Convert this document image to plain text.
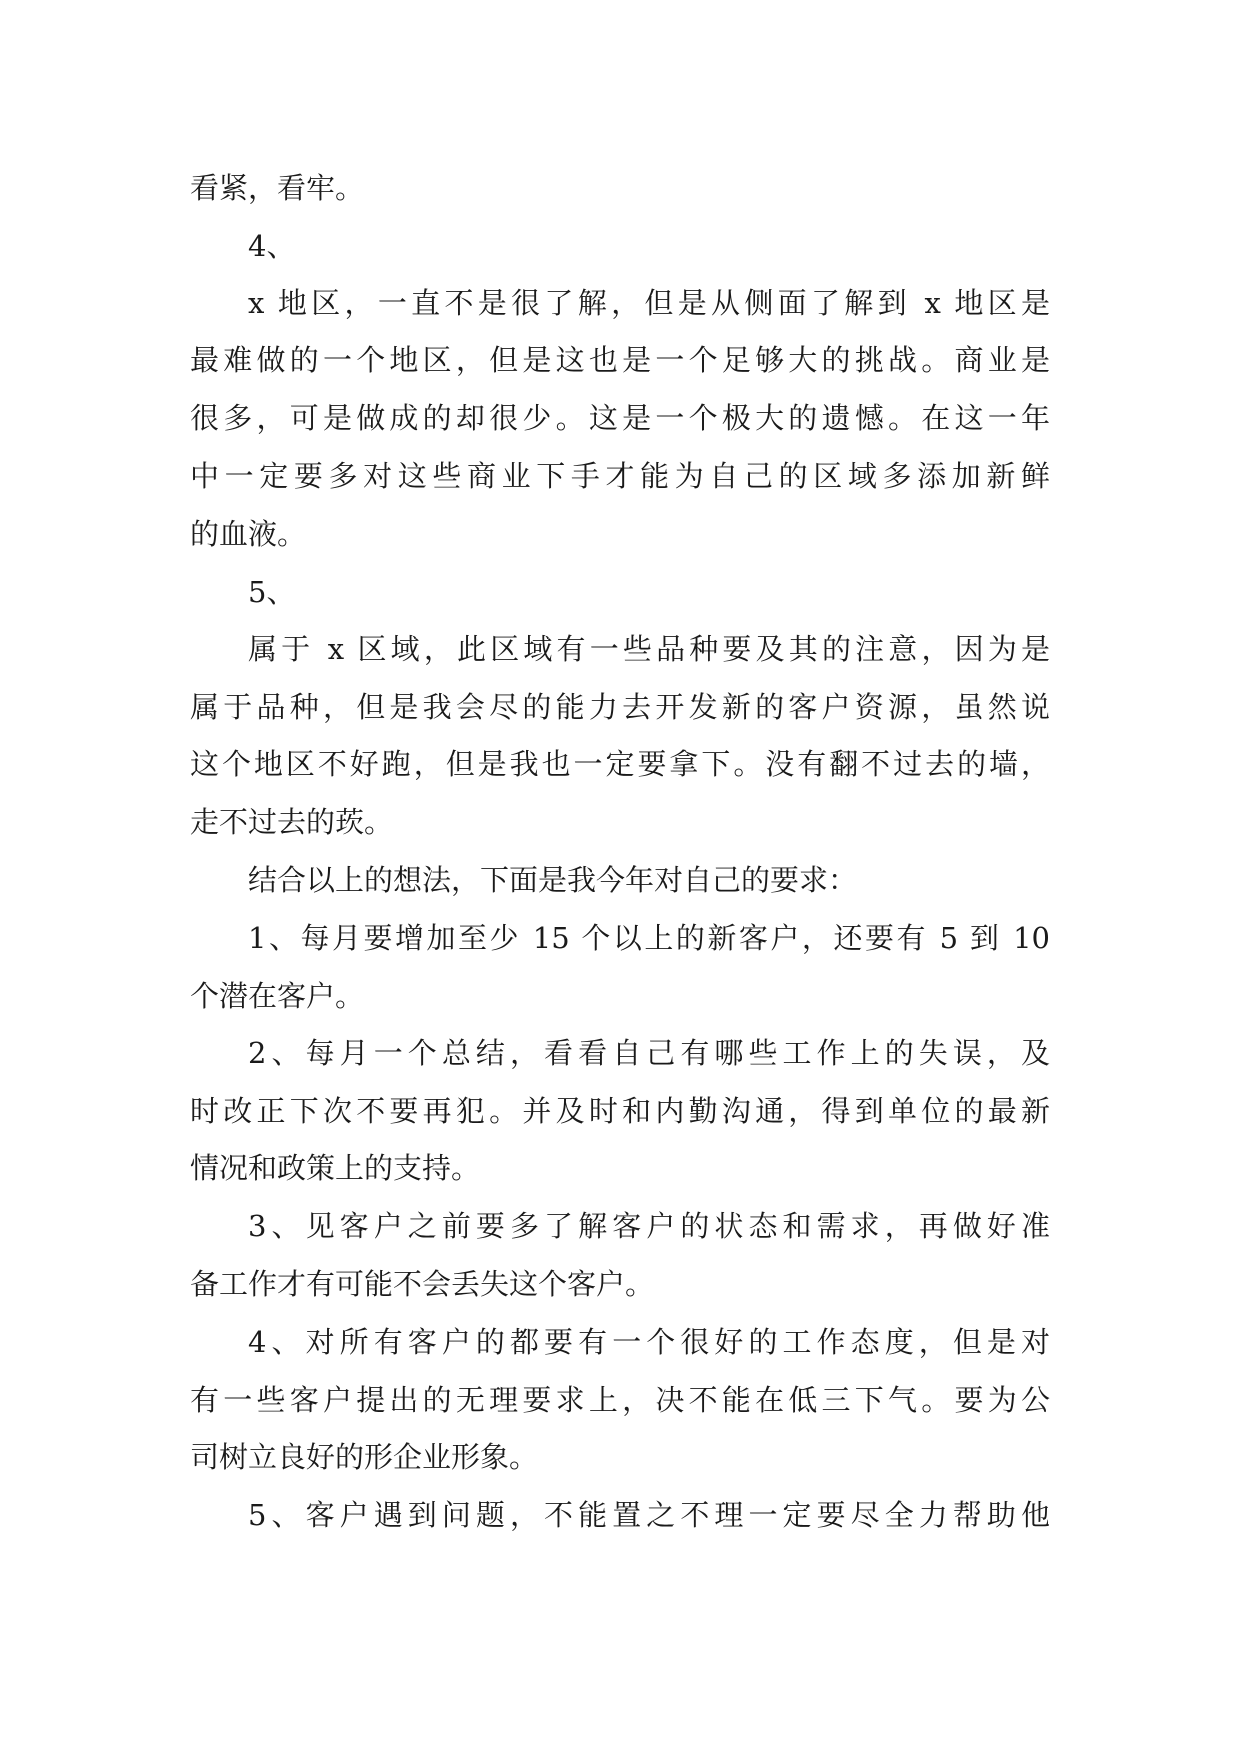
看紧，看牢。

4、

x 地区，一直不是很了解，但是从侧面了解到 x 地区是

最难做的一个地区，但是这也是一个足够大的挑战。商业是

很多，可是做成的却很少。这是一个极大的遗憾。在这一年

中一定要多对这些商业下手才能为自己的区域多添加新鲜

的血液。

5、

属于 x 区域，此区域有一些品种要及其的注意，因为是

属于品种，但是我会尽的能力去开发新的客户资源，虽然说

这个地区不好跑，但是我也一定要拿下。没有翻不过去的墙，

走不过去的莰。

结合以上的想法，下面是我今年对自己的要求：

1、每月要增加至少 15 个以上的新客户，还要有 5 到 10

个潜在客户。

2、每月一个总结，看看自己有哪些工作上的失误，及

时改正下次不要再犯。并及时和内勤沟通，得到单位的最新

情况和政策上的支持。

3、见客户之前要多了解客户的状态和需求，再做好准

备工作才有可能不会丢失这个客户。

4、对所有客户的都要有一个很好的工作态度，但是对

有一些客户提出的无理要求上，决不能在低三下气。要为公

司树立良好的形企业形象。

5、客户遇到问题，不能置之不理一定要尽全力帮助他
